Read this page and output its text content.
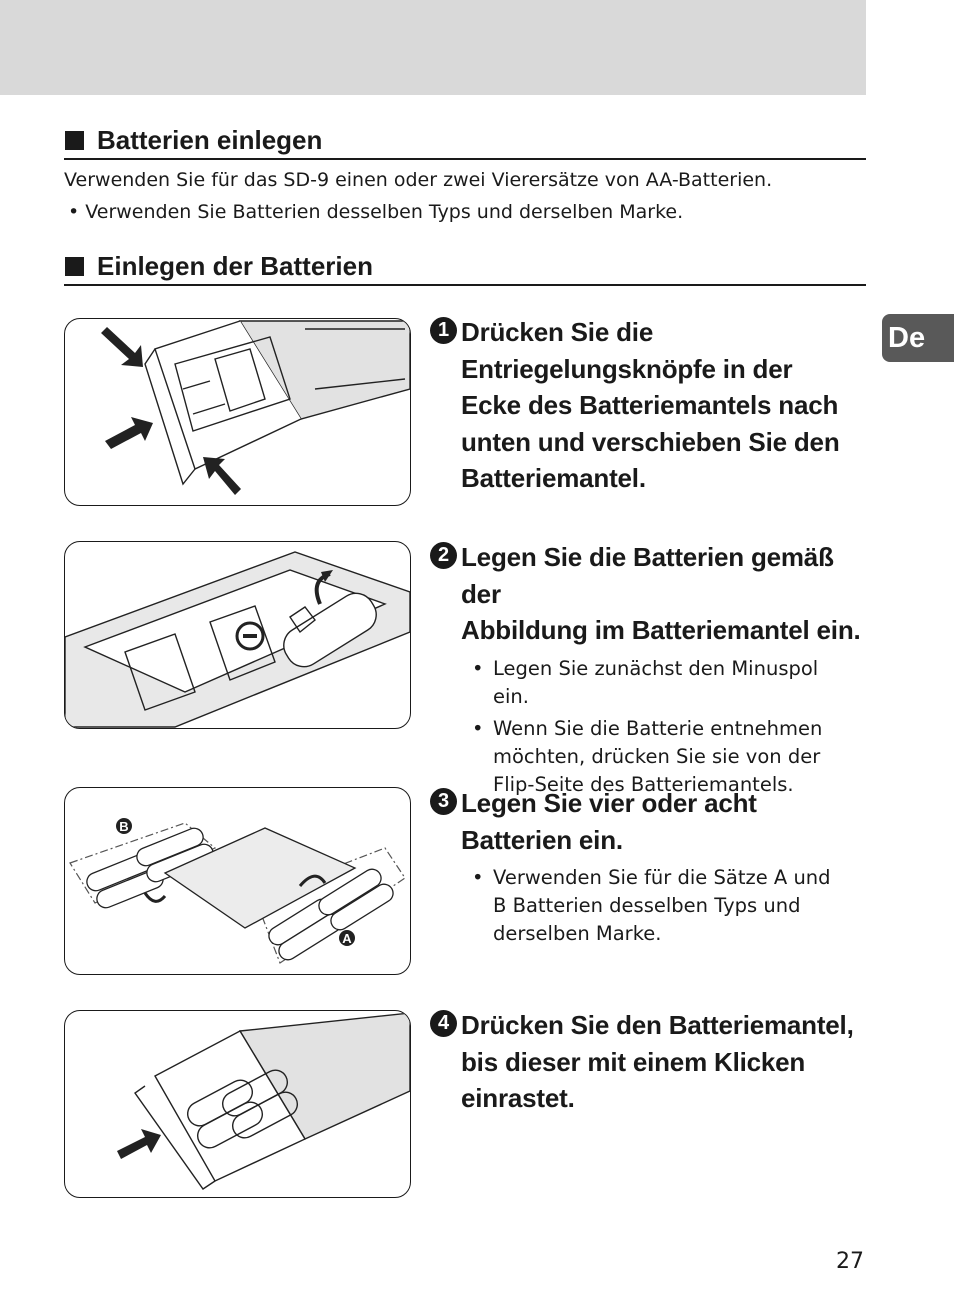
Batterien einlegen
Verwenden Sie für das SD-9 einen oder zwei Vierersätze von AA-Batterien.
• Verwenden Sie Batterien desselben Typs und derselben Marke.
Einlegen der Batterien
B
A
1 Drücken Sie die
Entriegelungsknöpfe in der
Ecke des Batteriemantels nach
unten und verschieben Sie den
Batteriemantel.
2 Legen Sie die Batterien gemäß der
Abbildung im Batteriemantel ein.
• Legen Sie zunächst den Minuspol
ein.
• Wenn Sie die Batterie entnehmen
möchten, drücken Sie sie von der
Flip-Seite des Batteriemantels.
3 Legen Sie vier oder acht
Batterien ein.
• Verwenden Sie für die Sätze A und
B Batterien desselben Typs und
derselben Marke.
4 Drücken Sie den Batteriemantel,
bis dieser mit einem Klicken
einrastet.
De
27
